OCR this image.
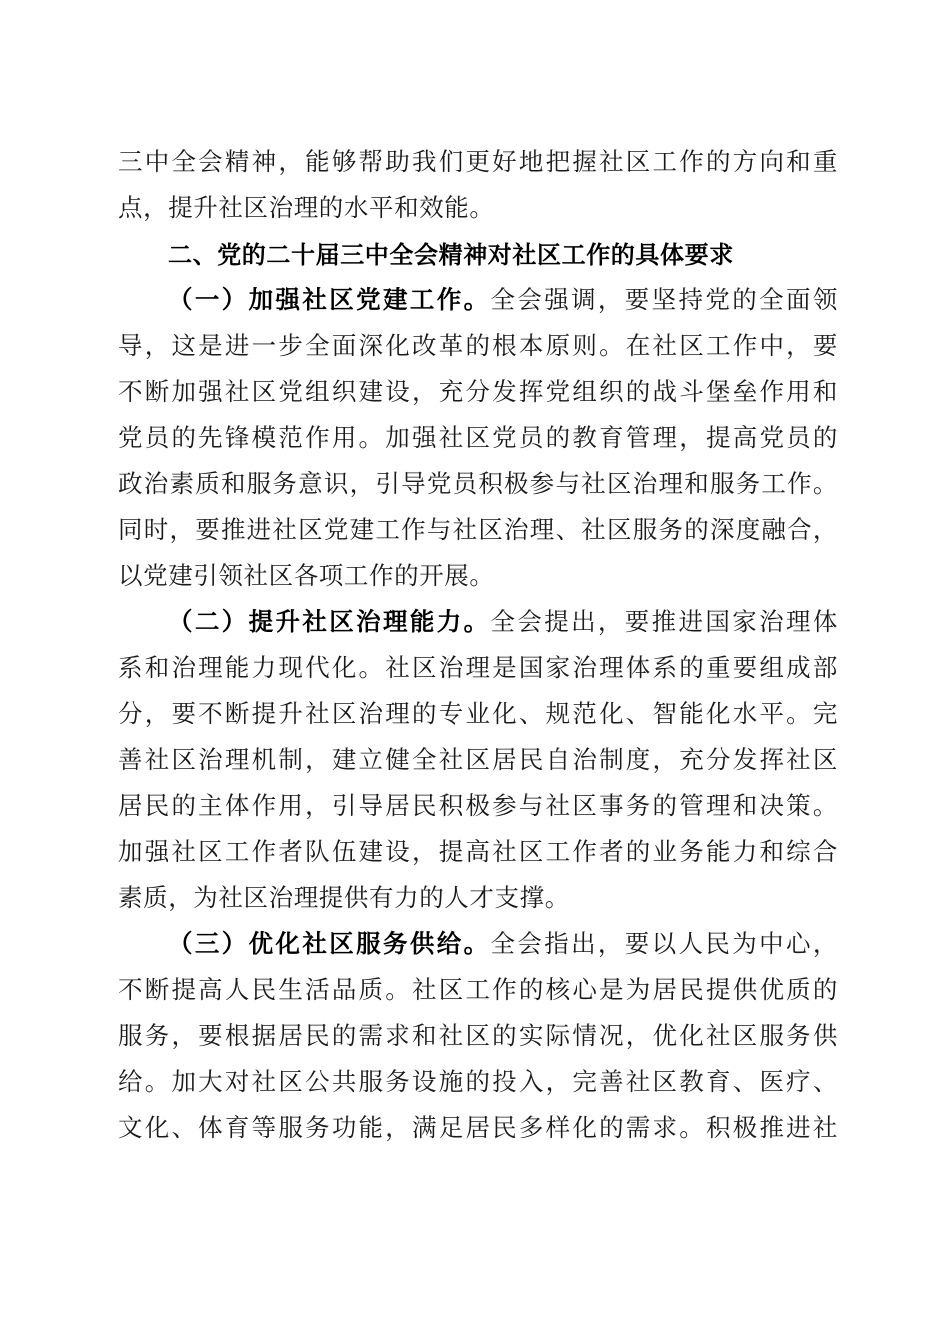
三中全会精神，能够帮助我们更好地把握社区工作的方向和重

点，提升社区治理的水平和效能。

二、党的二十届三中全会精神对社区工作的具体要求

（一）加强社区党建工作。全会强调，要坚持党的全面领

导，这是进一步全面深化改革的根本原则。在社区工作中，要

不断加强社区党组织建设，充分发挥党组织的战斗堡垒作用和

党员的先锋模范作用。加强社区党员的教育管理，提高党员的

政治素质和服务意识，引导党员积极参与社区治理和服务工作。

同时，要推进社区党建工作与社区治理、社区服务的深度融合，

以党建引领社区各项工作的开展。

（二）提升社区治理能力。全会提出，要推进国家治理体

系和治理能力现代化。社区治理是国家治理体系的重要组成部

分，要不断提升社区治理的专业化、规范化、智能化水平。完

善社区治理机制，建立健全社区居民自治制度，充分发挥社区

居民的主体作用，引导居民积极参与社区事务的管理和决策。

加强社区工作者队伍建设，提高社区工作者的业务能力和综合

素质，为社区治理提供有力的人才支撑。

（三）优化社区服务供给。全会指出，要以人民为中心，

不断提高人民生活品质。社区工作的核心是为居民提供优质的

服务，要根据居民的需求和社区的实际情况，优化社区服务供

给。加大对社区公共服务设施的投入，完善社区教育、医疗、

文化、体育等服务功能，满足居民多样化的需求。积极推进社
